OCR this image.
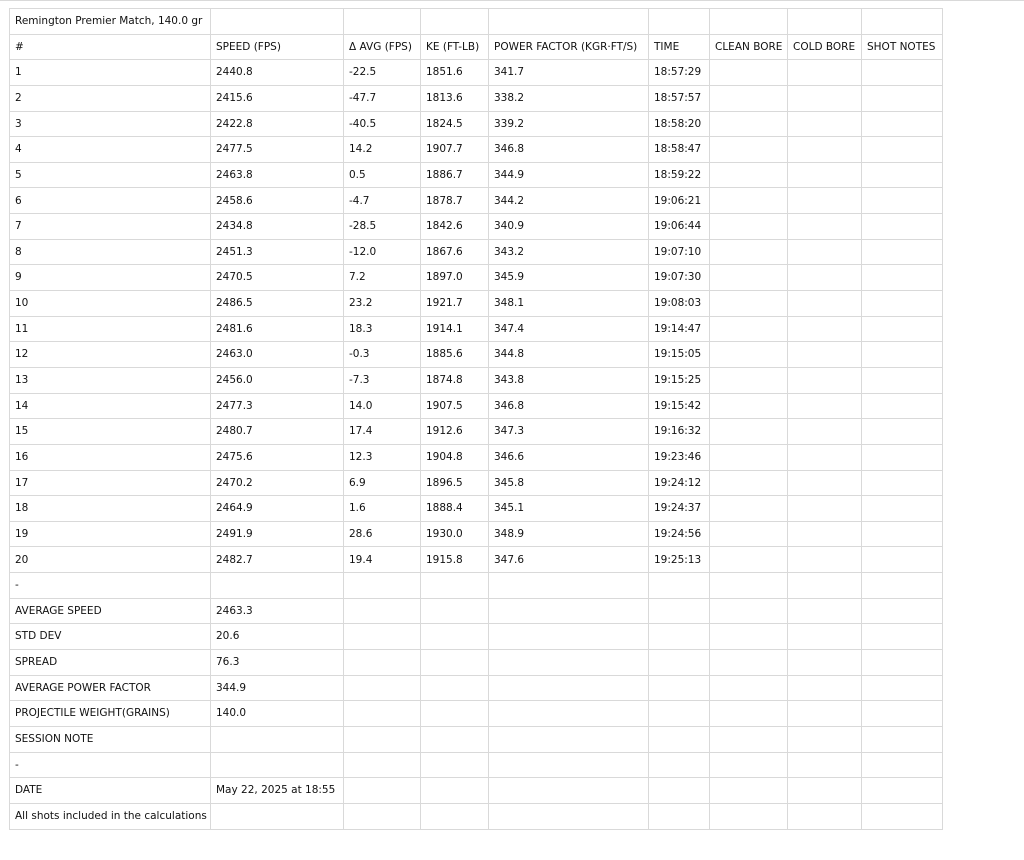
Remington Premier Match, 140.0 gr								
#	SPEED (FPS)	Δ AVG (FPS)	KE (FT-LB)	POWER FACTOR (KGR·FT/S)	TIME	CLEAN BORE	COLD BORE	SHOT NOTES
1	2440.8	-22.5	1851.6	341.7	18:57:29			
2	2415.6	-47.7	1813.6	338.2	18:57:57			
3	2422.8	-40.5	1824.5	339.2	18:58:20			
4	2477.5	14.2	1907.7	346.8	18:58:47			
5	2463.8	0.5	1886.7	344.9	18:59:22			
6	2458.6	-4.7	1878.7	344.2	19:06:21			
7	2434.8	-28.5	1842.6	340.9	19:06:44			
8	2451.3	-12.0	1867.6	343.2	19:07:10			
9	2470.5	7.2	1897.0	345.9	19:07:30			
10	2486.5	23.2	1921.7	348.1	19:08:03			
11	2481.6	18.3	1914.1	347.4	19:14:47			
12	2463.0	-0.3	1885.6	344.8	19:15:05			
13	2456.0	-7.3	1874.8	343.8	19:15:25			
14	2477.3	14.0	1907.5	346.8	19:15:42			
15	2480.7	17.4	1912.6	347.3	19:16:32			
16	2475.6	12.3	1904.8	346.6	19:23:46			
17	2470.2	6.9	1896.5	345.8	19:24:12			
18	2464.9	1.6	1888.4	345.1	19:24:37			
19	2491.9	28.6	1930.0	348.9	19:24:56			
20	2482.7	19.4	1915.8	347.6	19:25:13			
-								
AVERAGE SPEED	2463.3							
STD DEV	20.6							
SPREAD	76.3							
AVERAGE POWER FACTOR	344.9							
PROJECTILE WEIGHT(GRAINS)	140.0							
SESSION NOTE								
-								
DATE	May 22, 2025 at 18:55							
All shots included in the calculations								
